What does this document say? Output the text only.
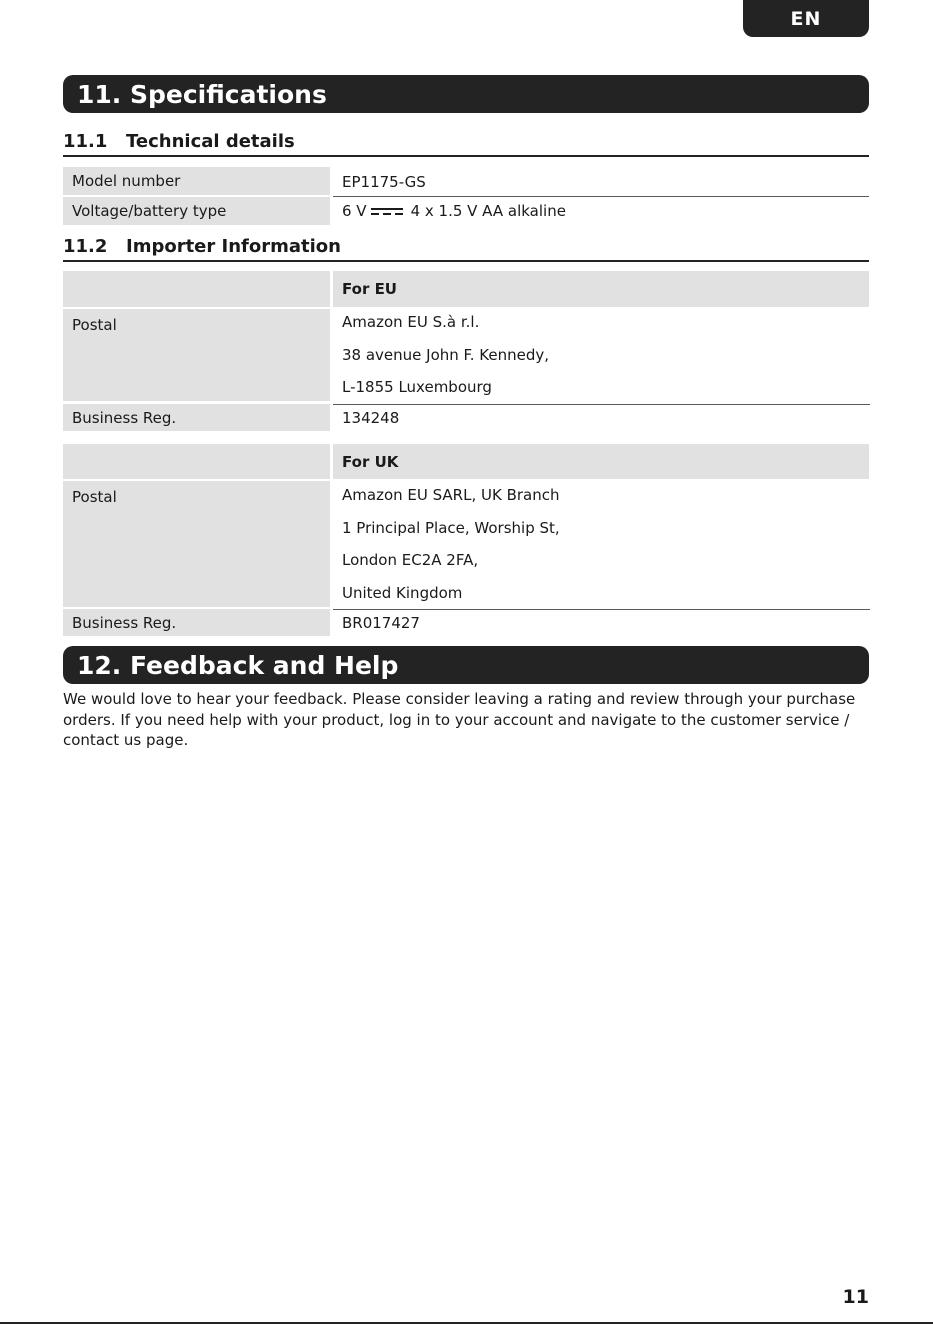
EN
11. Specifications
11.1 Technical details
Model number	EP1175-GS
Voltage/battery type	6 V	4 x 1.5 V AA alkaline
11.2 Importer Information
For EU
Postal	Amazon EU S.à r.l.
38 avenue John F. Kennedy,
L-1855 Luxembourg
Business Reg.	134248
For UK
Postal	Amazon EU SARL, UK Branch
1 Principal Place, Worship St,
London EC2A 2FA,
United Kingdom
Business Reg.	BR017427
12. Feedback and Help
We would love to hear your feedback. Please consider leaving a rating and review through your purchase orders. If you need help with your product, log in to your account and navigate to the customer service / contact us page.
11
